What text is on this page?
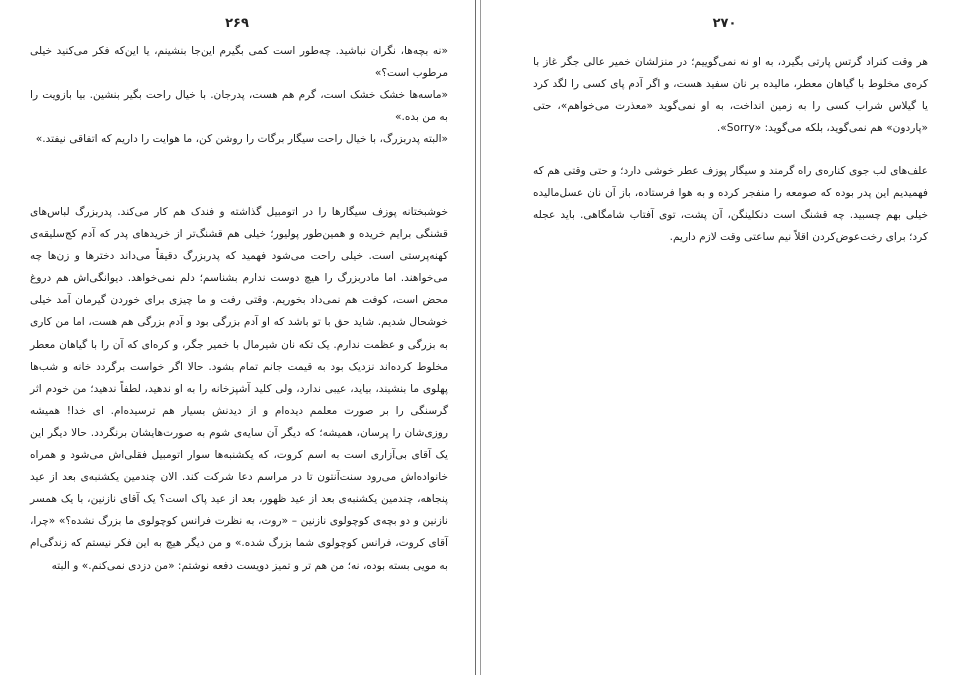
۲۶۹

«نه بچه‌ها، نگران نباشید. چه‌طور است کمی بگیرم این‌جا بنشینم، یا این‌که فکر می‌کنید خیلی مرطوب است؟»

«ماسه‌ها خشک خشک است، گرم هم هست، پدرجان. با خیال راحت بگیر بنشین. بیا بازویت را به من بده.»

«البته پدربزرگ، با خیال راحت سیگار برگات را روشن کن، ما هوایت را داریم که اتفاقی نیفتد.»

خوشبختانه پوزف سیگارها را در اتومبیل گذاشته و فندک هم کار می‌کند. پدربزرگ لباس‌های قشنگی برایم خریده و همین‌طور پولیور؛ خیلی هم قشنگ‌تر از خریدهای پدر که آدم کج‌سلیقه‌ی کهنه‌پرستی است. خیلی راحت می‌شود فهمید که پدربزرگ دقیقاً می‌داند دخترها و زن‌ها چه می‌خواهند. اما مادربزرگ را هیچ دوست ندارم بشناسم؛ دلم نمی‌خواهد. دیوانگی‌اش هم دروغ محض است، کوفت هم نمی‌داد بخوریم. وقتی رفت و ما چیزی برای خوردن گیرمان آمد خیلی خوشحال شدیم. شاید حق با تو باشد که او آدم بزرگی بود و آدم بزرگی هم هست، اما من کاری به بزرگی و عظمت ندارم. یک تکه نان شیرمال با خمیر جگر، و کره‌ای که آن را با گیاهان معطر مخلوط کرده‌اند نزدیک بود به قیمت جانم تمام بشود. حالا اگر خواست برگردد خانه و شب‌ها پهلوی ما بنشیند، بیاید، عیبی ندارد، ولی کلید آشپزخانه را به او ندهید، لطفاً ندهید؛ من خودم اثر گرسنگی را بر صورت معلمم دیده‌ام و از دیدنش بسیار هم ترسیده‌ام. ای خدا! همیشه روزی‌شان را پرسان، همیشه؛ که دیگر آن سایه‌ی شوم به صورت‌هایشان برنگردد. حالا دیگر این یک آقای بی‌آزاری است به اسم کروت، که یکشنبه‌ها سوار اتومبیل فقلی‌اش می‌شود و همراه خانواده‌اش می‌رود سنت‌آنتون تا در مراسم دعا شرکت کند. الان چندمین یکشنبه‌ی بعد از عید پنجاهه، چندمین یکشنبه‌ی بعد از عید ظهور، بعد از عید پاک است؟ یک آقای نازنین، با یک همسر نازنین و دو بچه‌ی کوچولوی نازنین – «روت، به نظرت فرانس کوچولوی ما بزرگ نشده؟» «چرا، آقای کروت، فرانس کوچولوی شما بزرگ شده.» و من دیگر هیچ به این فکر نیستم که زندگی‌ام به مویی بسته بوده، نه؛ من هم تر و تمیز دویست دفعه نوشتم: «من دزدی نمی‌کنم.» و البته

۲۷۰

هر وقت کنراد گرتس پارتی بگیرد، به او نه نمی‌گوییم؛ در منزلشان خمیر عالی جگر غاز با کره‌ی مخلوط با گیاهان معطر، مالیده بر نان سفید هست، و اگر آدم پای کسی را لگد کرد یا گیلاس شراب کسی را به زمین انداخت، به او نمی‌گوید «معذرت می‌خواهم»، حتی «پاردون» هم نمی‌گوید، بلکه می‌گوید: «Sorry».

علف‌های لب جوی کناره‌ی راه گرمند و سیگار پوزف عطر خوشی دارد؛ و حتی وقتی هم که فهمیدیم این پدر بوده که صومعه را منفجر کرده و به هوا فرستاده، باز آن نان عسل‌مالیده خیلی بهم چسبید. چه قشنگ است دنکلینگن، آن پشت، توی آفتاب شامگاهی. باید عجله کرد؛ برای رخت‌عوض‌کردن اقلاً نیم ساعتی وقت لازم داریم.
